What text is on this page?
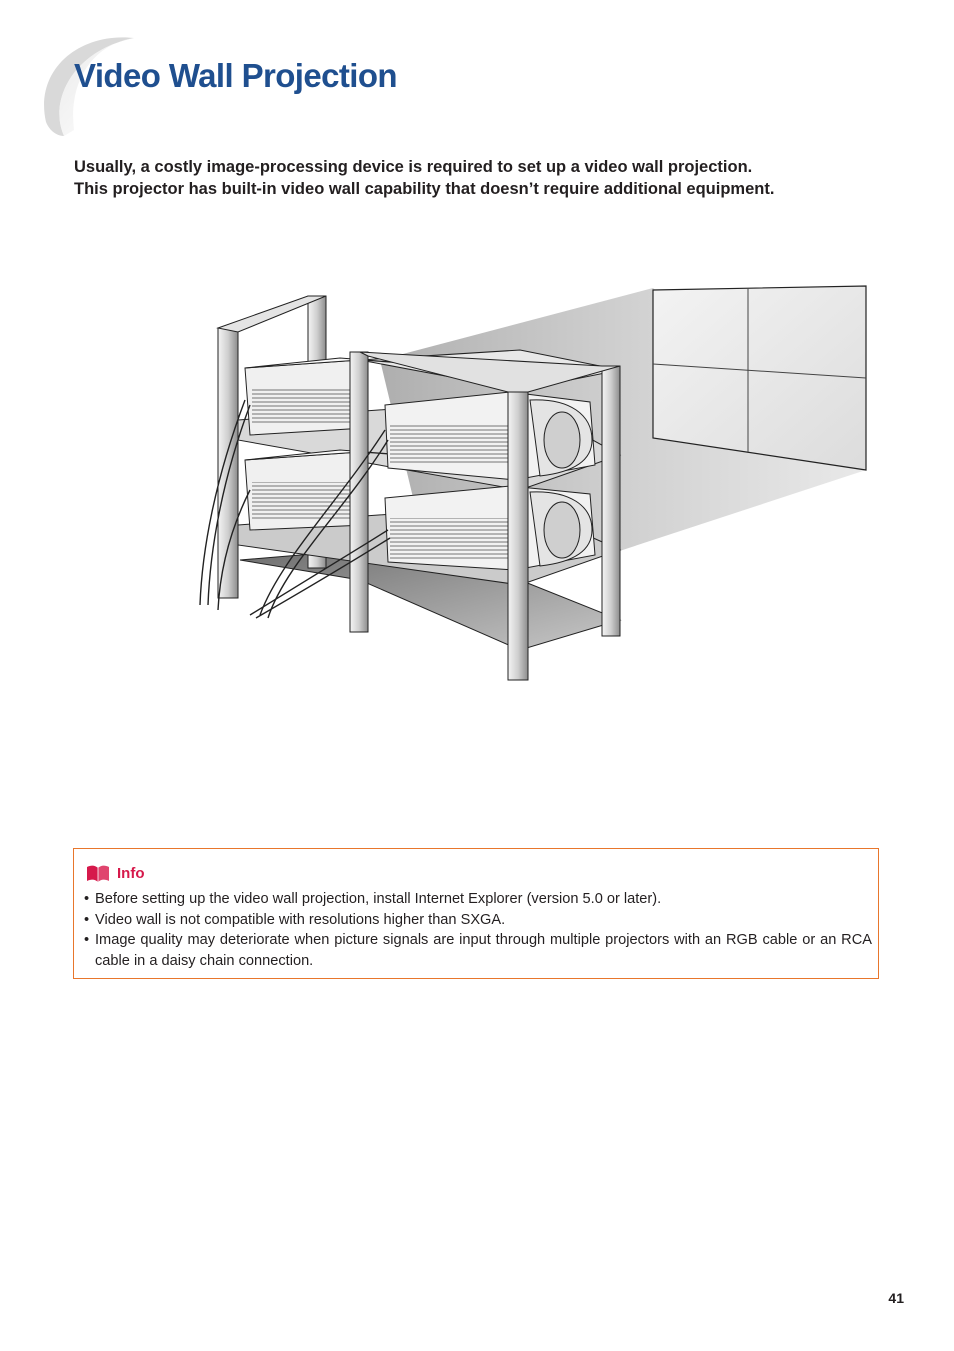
Video Wall Projection

Usually, a costly image-processing device is required to set up a video wall projection.
This projector has built-in video wall capability that doesn’t require additional equipment.

Info
• Before setting up the video wall projection, install Internet Explorer (version 5.0 or later).
• Video wall is not compatible with resolutions higher than SXGA.
• Image quality may deteriorate when picture signals are input through multiple projectors with an RGB cable or an RCA cable in a daisy chain connection.
41
